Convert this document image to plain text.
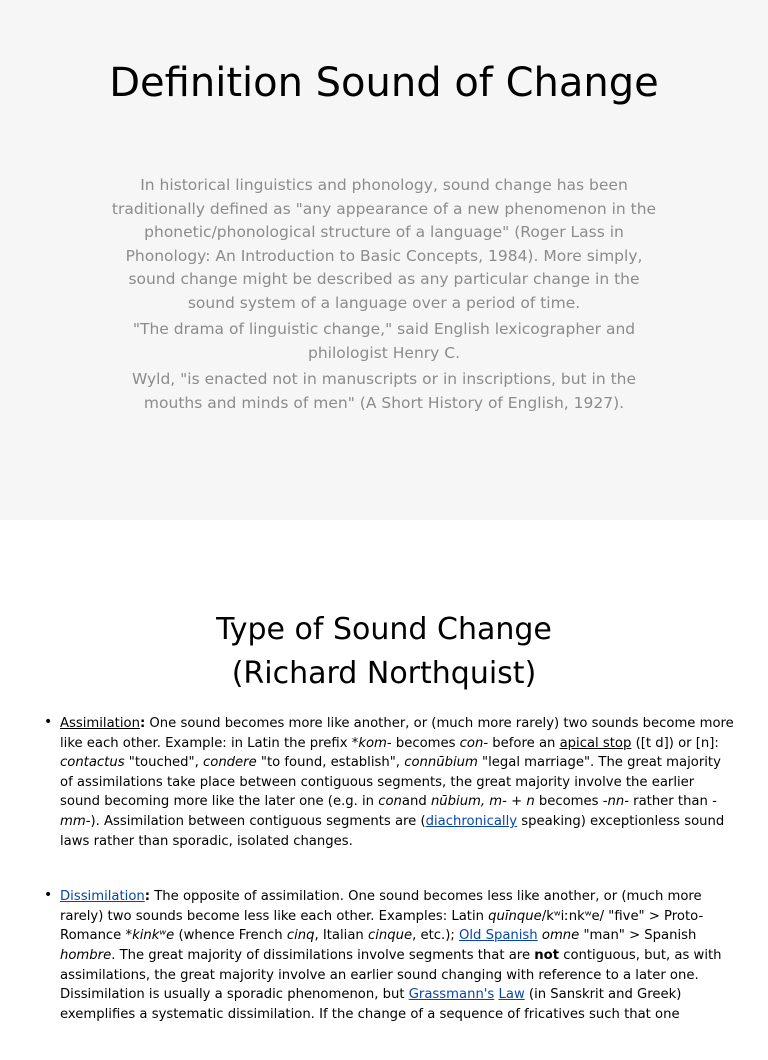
Definition Sound of Change

In historical linguistics and phonology, sound change has been traditionally defined as "any appearance of a new phenomenon in the phonetic/phonological structure of a language" (Roger Lass in Phonology: An Introduction to Basic Concepts, 1984). More simply, sound change might be described as any particular change in the sound system of a language over a period of time.

"The drama of linguistic change," said English lexicographer and philologist Henry C.

Wyld, "is enacted not in manuscripts or in inscriptions, but in the mouths and minds of men" (A Short History of English, 1927).

Type of Sound Change
(Richard Northquist)
• Assimilation: One sound becomes more like another, or (much more rarely) two sounds become more like each other. Example: in Latin the prefix *kom- becomes con- before an apical stop ([t d]) or [n]: contactus "touched", condere "to found, establish", connūbium "legal marriage". The great majority of assimilations take place between contiguous segments, the great majority involve the earlier sound becoming more like the later one (e.g. in conand nūbium, m- + n becomes -nn- rather than -mm-). Assimilation between contiguous segments are (diachronically speaking) exceptionless sound laws rather than sporadic, isolated changes.
• Dissimilation: The opposite of assimilation. One sound becomes less like another, or (much more rarely) two sounds become less like each other. Examples: Latin quīnque/kʷiːnkʷe/ "five" > Proto-Romance *kinkʷe (whence French cinq, Italian cinque, etc.); Old Spanish omne "man" > Spanish hombre. The great majority of dissimilations involve segments that are not contiguous, but, as with assimilations, the great majority involve an earlier sound changing with reference to a later one. Dissimilation is usually a sporadic phenomenon, but Grassmann's Law (in Sanskrit and Greek) exemplifies a systematic dissimilation. If the change of a sequence of fricatives such that one
